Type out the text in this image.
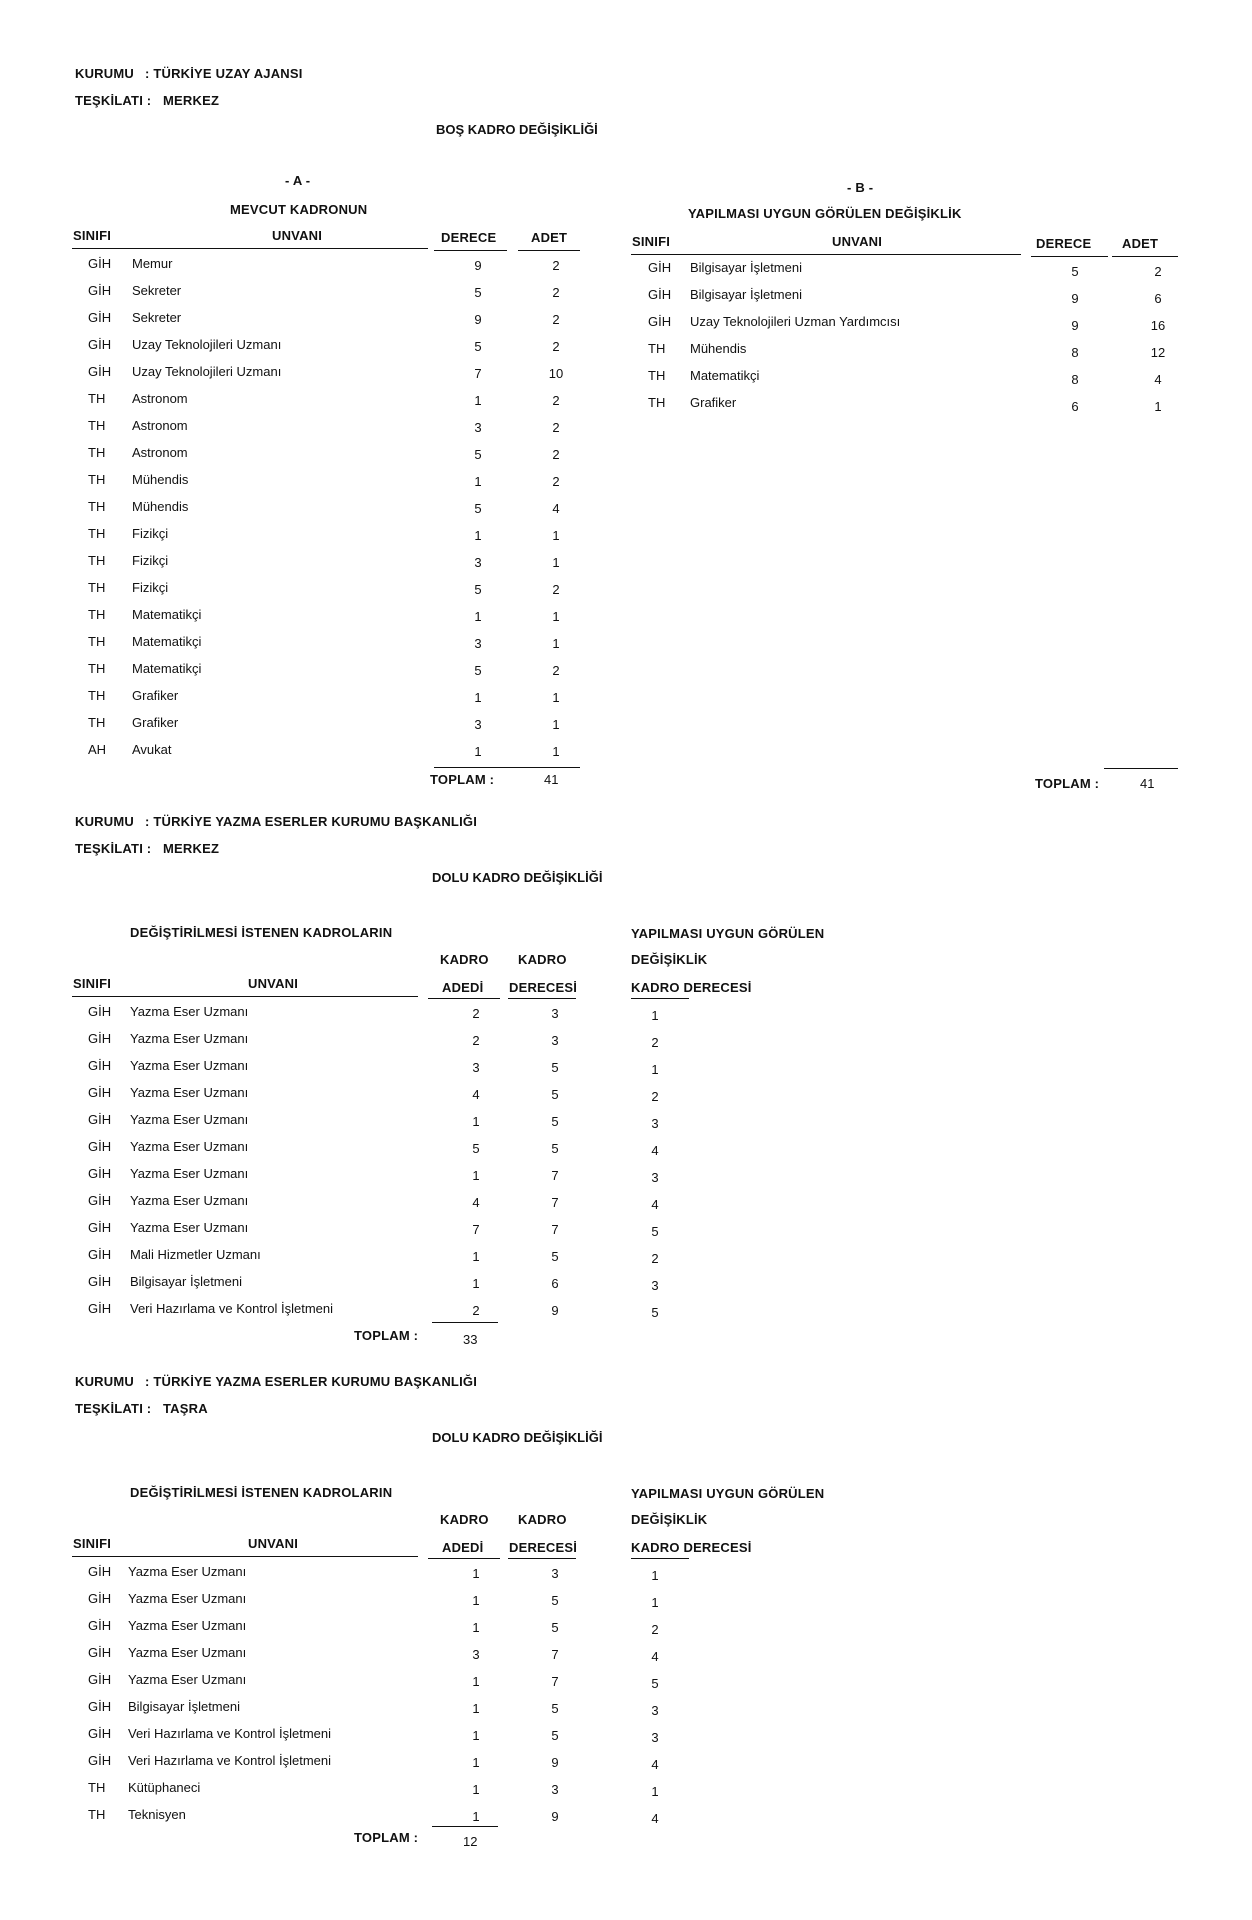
KURUMU : TÜRKİYE UZAY AJANSI
TEŞKİLATI : MERKEZ
BOŞ KADRO DEĞİŞİKLİĞİ
- A -
MEVCUT KADRONUN
SINIFI	UNVANI	DERECE	ADET
GİH Memur	9	2
GİH Sekreter	5	2
GİH Sekreter	9	2
GİH Uzay Teknolojileri Uzmanı	5	2
GİH Uzay Teknolojileri Uzmanı	7	10
TH Astronom	1	2
TH Astronom	3	2
TH Astronom	5	2
TH Mühendis	1	2
TH Mühendis	5	4
TH Fizikçi	1	1
TH Fizikçi	3	1
TH Fizikçi	5	2
TH Matematikçi	1	1
TH Matematikçi	3	1
TH Matematikçi	5	2
TH Grafiker	1	1
TH Grafiker	3	1
AH Avukat	1	1
TOPLAM :	41
- B -
YAPILMASI UYGUN GÖRÜLEN DEĞİŞİKLİK
SINIFI	UNVANI	DERECE ADET
GİH Bilgisayar İşletmeni	5	2
GİH Bilgisayar İşletmeni	9	6
GİH Uzay Teknolojileri Uzman Yardımcısı	9	16
TH Mühendis	8	12
TH Matematikçi	8	4
TH Grafiker	6	1
TOPLAM :	41
KURUMU : TÜRKİYE YAZMA ESERLER KURUMU BAŞKANLIĞI
TEŞKİLATI : MERKEZ
DOLU KADRO DEĞİŞİKLİĞİ
DEĞİŞTİRİLMESİ İSTENEN KADROLARIN	YAPILMASI UYGUN GÖRÜLEN
DEĞİŞİKLİK
KADRO DERECESİ
KADRO KADRO
SINIFI	UNVANI	ADEDİ DERECESİ
GİH Yazma Eser Uzmanı	2	3	1
GİH Yazma Eser Uzmanı	2	3	2
GİH Yazma Eser Uzmanı	3	5	1
GİH Yazma Eser Uzmanı	4	5	2
GİH Yazma Eser Uzmanı	1	5	3
GİH Yazma Eser Uzmanı	5	5	4
GİH Yazma Eser Uzmanı	1	7	3
GİH Yazma Eser Uzmanı	4	7	4
GİH Yazma Eser Uzmanı	7	7	5
GİH Mali Hizmetler Uzmanı	1	5	2
GİH Bilgisayar İşletmeni	1	6	3
GİH Veri Hazırlama ve Kontrol İşletmeni	2	9	5
TOPLAM :	33
KURUMU : TÜRKİYE YAZMA ESERLER KURUMU BAŞKANLIĞI
TEŞKİLATI : TAŞRA
DOLU KADRO DEĞİŞİKLİĞİ
DEĞİŞTİRİLMESİ İSTENEN KADROLARIN	YAPILMASI UYGUN GÖRÜLEN
DEĞİŞİKLİK
KADRO DERECESİ
KADRO KADRO
SINIFI	UNVANI	ADEDİ DERECESİ
GİH Yazma Eser Uzmanı	1	3	1
GİH Yazma Eser Uzmanı	1	5	1
GİH Yazma Eser Uzmanı	1	5	2
GİH Yazma Eser Uzmanı	3	7	4
GİH Yazma Eser Uzmanı	1	7	5
GİH Bilgisayar İşletmeni	1	5	3
GİH Veri Hazırlama ve Kontrol İşletmeni	1	5	3
GİH Veri Hazırlama ve Kontrol İşletmeni	1	9	4
TH Kütüphaneci	1	3	1
TH Teknisyen	1	9	4
TOPLAM :	12
